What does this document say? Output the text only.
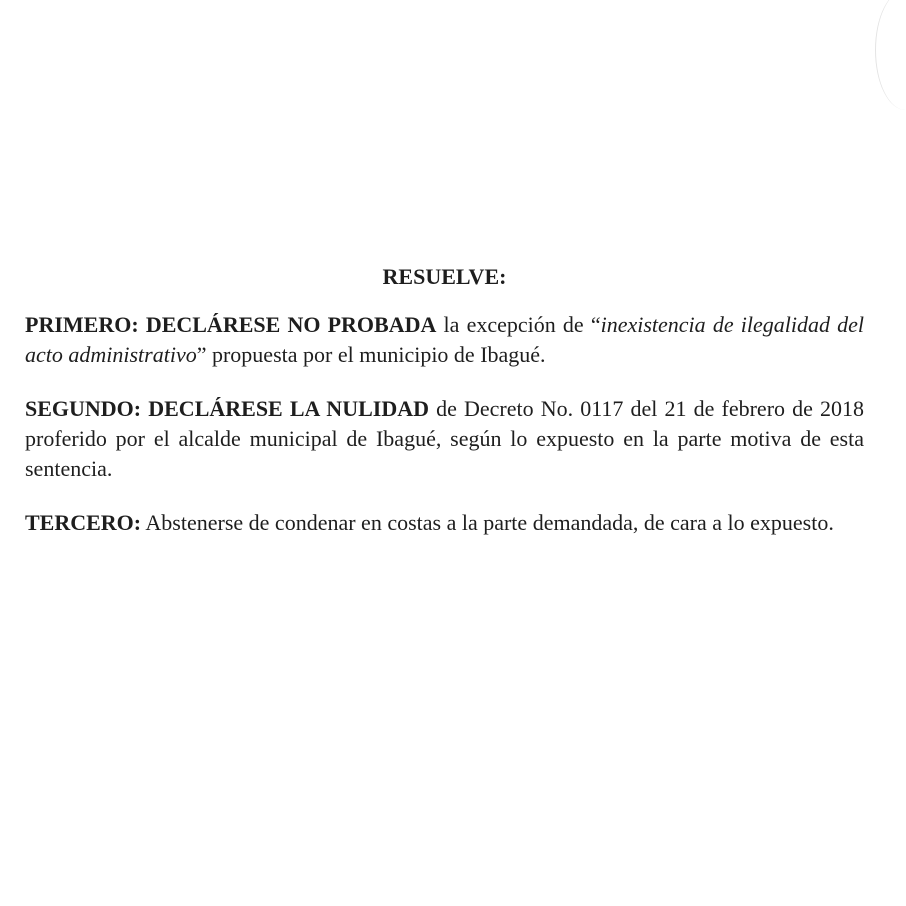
RESUELVE:

PRIMERO: DECLÁRESE NO PROBADA la excepción de “inexistencia de ilegalidad del acto administrativo” propuesta por el municipio de Ibagué.

SEGUNDO: DECLÁRESE LA NULIDAD de Decreto No. 0117 del 21 de febrero de 2018 proferido por el alcalde municipal de Ibagué, según lo expuesto en la parte motiva de esta sentencia.

TERCERO: Abstenerse de condenar en costas a la parte demandada, de cara a lo expuesto.
